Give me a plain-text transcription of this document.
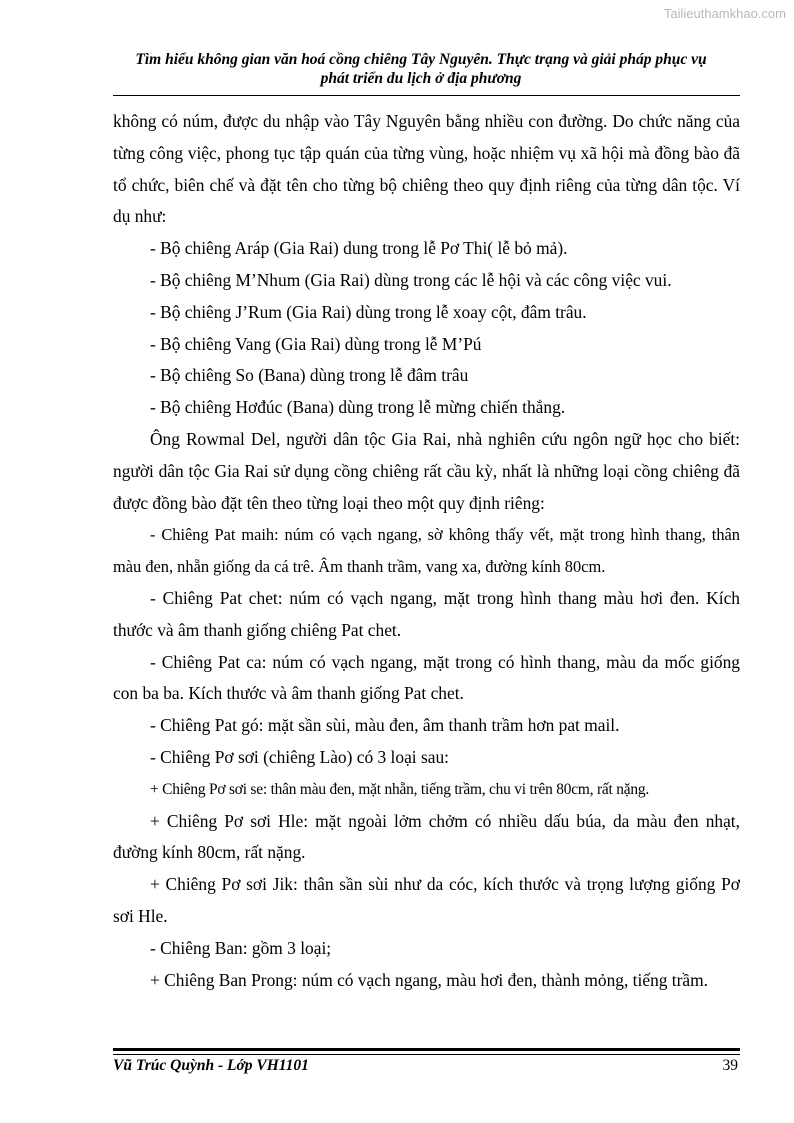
Tailieuthamkhao.com
Tìm hiểu không gian văn hoá cồng chiêng Tây Nguyên. Thực trạng và giải pháp phục vụ
phát triển du lịch ở địa phương

không có núm, được du nhập vào Tây Nguyên bằng nhiều con đường. Do chức năng của từng công việc, phong tục tập quán của từng vùng, hoặc nhiệm vụ xã hội mà đồng bào đã tổ chức, biên chế và đặt tên cho từng bộ chiêng theo quy định riêng của từng dân tộc. Ví dụ như:

- Bộ chiêng Aráp (Gia Rai) dung trong lễ Pơ Thi( lễ bỏ mả).

- Bộ chiêng M’Nhum (Gia Rai) dùng trong các lễ hội và các công việc vui.

- Bộ chiêng J’Rum (Gia Rai) dùng trong lễ xoay cột, đâm trâu.

- Bộ chiêng Vang (Gia Rai) dùng trong lễ M’Pú

- Bộ chiêng So (Bana) dùng trong lễ đâm trâu

- Bộ chiêng Hơđúc (Bana) dùng trong lễ mừng chiến thắng.

Ông Rowmal Del, người dân tộc Gia Rai, nhà nghiên cứu ngôn ngữ học cho biết: người dân tộc Gia Rai sử dụng cồng chiêng rất cầu kỳ, nhất là những loại cồng chiêng đã được đồng bào đặt tên theo từng loại theo một quy định riêng:

- Chiêng Pat maih: núm có vạch ngang, sờ không thấy vết, mặt trong hình thang, thân màu đen, nhẵn giống da cá trê. Âm thanh trầm, vang xa, đường kính 80cm.

- Chiêng Pat chet: núm có vạch ngang, mặt trong hình thang màu hơi đen. Kích thước và âm thanh giống chiêng Pat chet.

- Chiêng Pat ca: núm có vạch ngang, mặt trong có hình thang, màu da mốc giống con ba ba. Kích thước và âm thanh giống Pat chet.

- Chiêng Pat gó: mặt sần sùi, màu đen, âm thanh trầm hơn pat mail.

- Chiêng Pơ sơi (chiêng Lào) có 3 loại sau:

+ Chiêng Pơ sơi se: thân màu đen, mặt nhẵn, tiếng trầm, chu vi trên 80cm, rất nặng.

+ Chiêng Pơ sơi Hle: mặt ngoài lởm chởm có nhiều dấu búa, da màu đen nhạt, đường kính 80cm, rất nặng.

+ Chiêng Pơ sơi Jik: thân sần sùi như da cóc, kích thước và trọng lượng giống Pơ sơi Hle.

- Chiêng Ban: gồm 3 loại;

+ Chiêng Ban Prong: núm có vạch ngang, màu hơi đen, thành mỏng, tiếng trầm.

Vũ Trúc Quỳnh - Lớp VH1101	39
